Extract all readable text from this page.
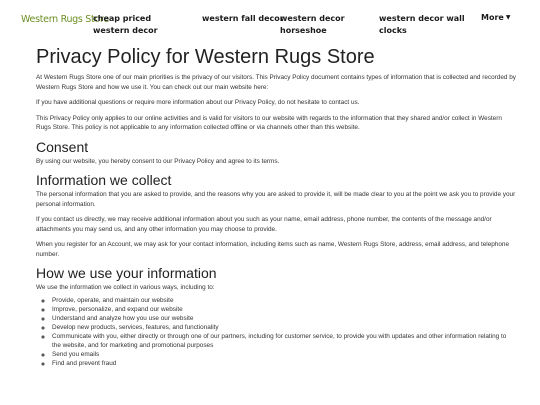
Western Rugs Store
cheap priced western decor
western fall decor
western decor horseshoe
western decor wall clocks
More ▼
Privacy Policy for Western Rugs Store

At Western Rugs Store one of our main priorities is the privacy of our visitors. This Privacy Policy document contains types of information that is collected and recorded by Western Rugs Store and how we use it. You can check out our main website here:

If you have additional questions or require more information about our Privacy Policy, do not hesitate to contact us.

This Privacy Policy only applies to our online activities and is valid for visitors to our website with regards to the information that they shared and/or collect in Western Rugs Store. This policy is not applicable to any information collected offline or via channels other than this website.

Consent

By using our website, you hereby consent to our Privacy Policy and agree to its terms.

Information we collect

The personal information that you are asked to provide, and the reasons why you are asked to provide it, will be made clear to you at the point we ask you to provide your personal information.

If you contact us directly, we may receive additional information about you such as your name, email address, phone number, the contents of the message and/or attachments you may send us, and any other information you may choose to provide.

When you register for an Account, we may ask for your contact information, including items such as name, Western Rugs Store, address, email address, and telephone number.

How we use your information

We use the information we collect in various ways, including to:

◦ Provide, operate, and maintain our website
◦ Improve, personalize, and expand our website
◦ Understand and analyze how you use our website
◦ Develop new products, services, features, and functionality
◦ Communicate with you, either directly or through one of our partners, including for customer service, to provide you with updates and other information relating to the website, and for marketing and promotional purposes
◦ Send you emails
◦ Find and prevent fraud
